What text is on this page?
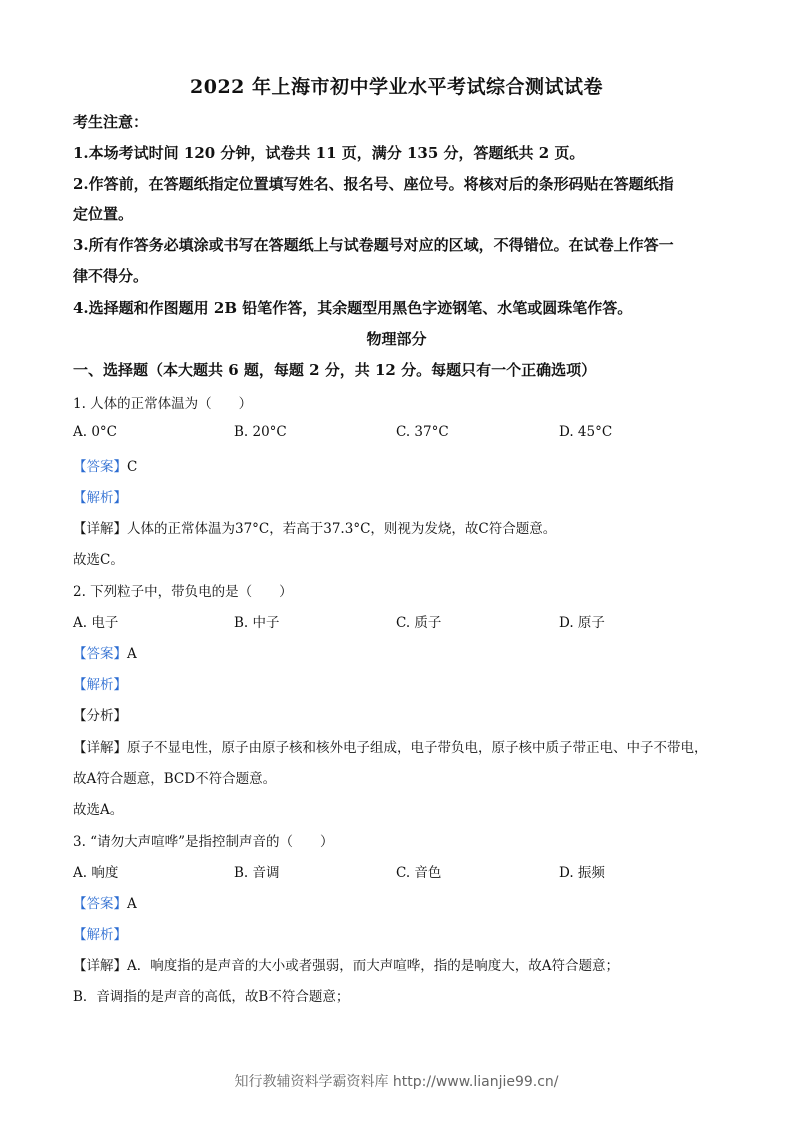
2022 年上海市初中学业水平考试综合测试试卷
考生注意：
1.本场考试时间 120 分钟，试卷共 11 页，满分 135 分，答题纸共 2 页。
2.作答前，在答题纸指定位置填写姓名、报名号、座位号。将核对后的条形码贴在答题纸指
定位置。
3.所有作答务必填涂或书写在答题纸上与试卷题号对应的区域，不得错位。在试卷上作答一
律不得分。
4.选择题和作图题用 2B 铅笔作答，其余题型用黑色字迹钢笔、水笔或圆珠笔作答。
物理部分
一、选择题（本大题共 6 题，每题 2 分，共 12 分。每题只有一个正确选项）
1. 人体的正常体温为（　　）
A. 0°C	B. 20°C	C. 37°C	D. 45°C
【答案】C
【解析】
【详解】人体的正常体温为37°C，若高于37.3°C，则视为发烧，故C符合题意。
故选C。
2. 下列粒子中，带负电的是（　　）
A. 电子	B. 中子	C. 质子	D. 原子
【答案】A
【解析】
【分析】
【详解】原子不显电性，原子由原子核和核外电子组成，电子带负电，原子核中质子带正电、中子不带电，
故A符合题意，BCD不符合题意。
故选A。
3. “请勿大声喧哗”是指控制声音的（　　）
A. 响度	B. 音调	C. 音色	D. 振频
【答案】A
【解析】
【详解】A．响度指的是声音的大小或者强弱，而大声喧哗，指的是响度大，故A符合题意；
B．音调指的是声音的高低，故B不符合题意；
知行教辅资料学霸资料库 http://www.lianjie99.cn/
